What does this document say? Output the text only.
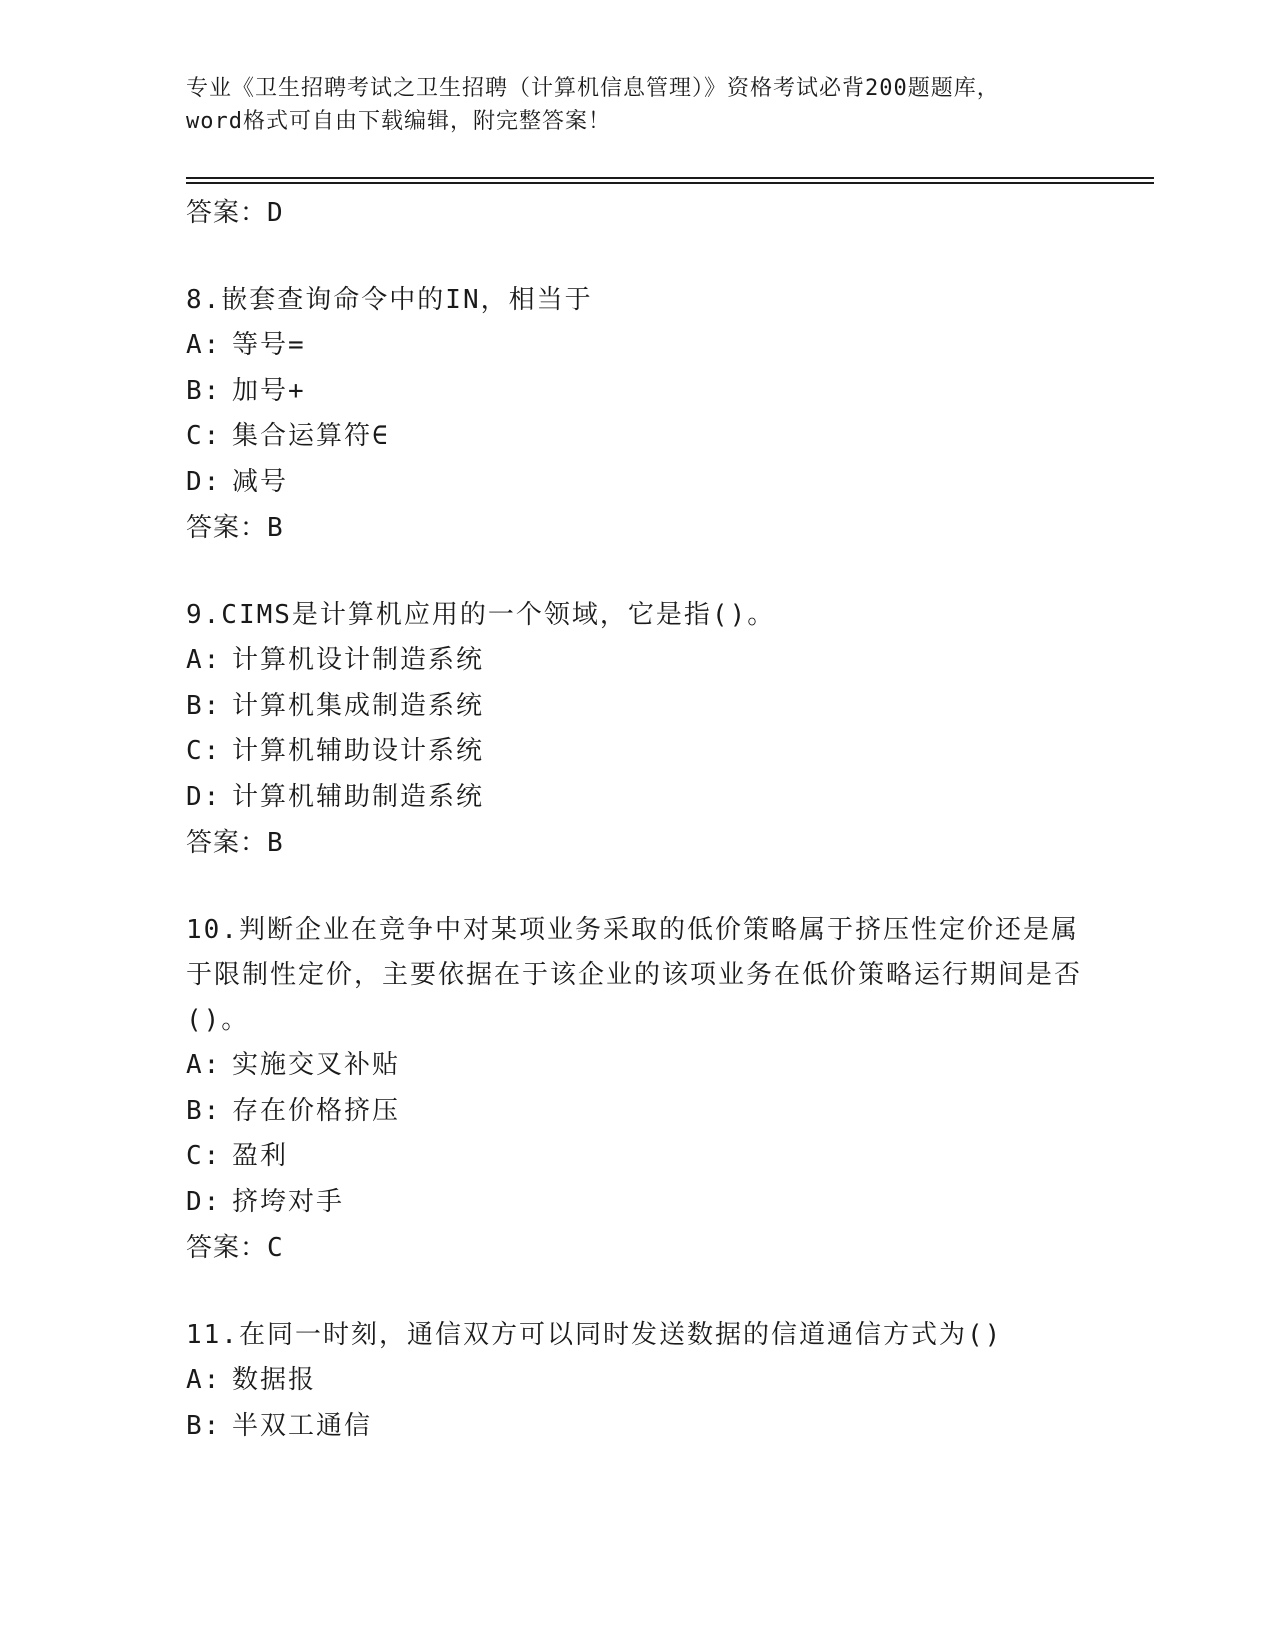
专业《卫生招聘考试之卫生招聘（计算机信息管理）》资格考试必背200题题库，
word格式可自由下载编辑，附完整答案！
答案：D
8.嵌套查询命令中的IN，相当于
A: 等号=
B: 加号+
C: 集合运算符∈
D: 减号
答案：B
9.CIMS是计算机应用的一个领域，它是指()。
A: 计算机设计制造系统
B: 计算机集成制造系统
C: 计算机辅助设计系统
D: 计算机辅助制造系统
答案：B
10.判断企业在竞争中对某项业务采取的低价策略属于挤压性定价还是属于限制性定价，主要依据在于该企业的该项业务在低价策略运行期间是否()。
A: 实施交叉补贴
B: 存在价格挤压
C: 盈利
D: 挤垮对手
答案：C
11.在同一时刻，通信双方可以同时发送数据的信道通信方式为()
A: 数据报
B: 半双工通信
